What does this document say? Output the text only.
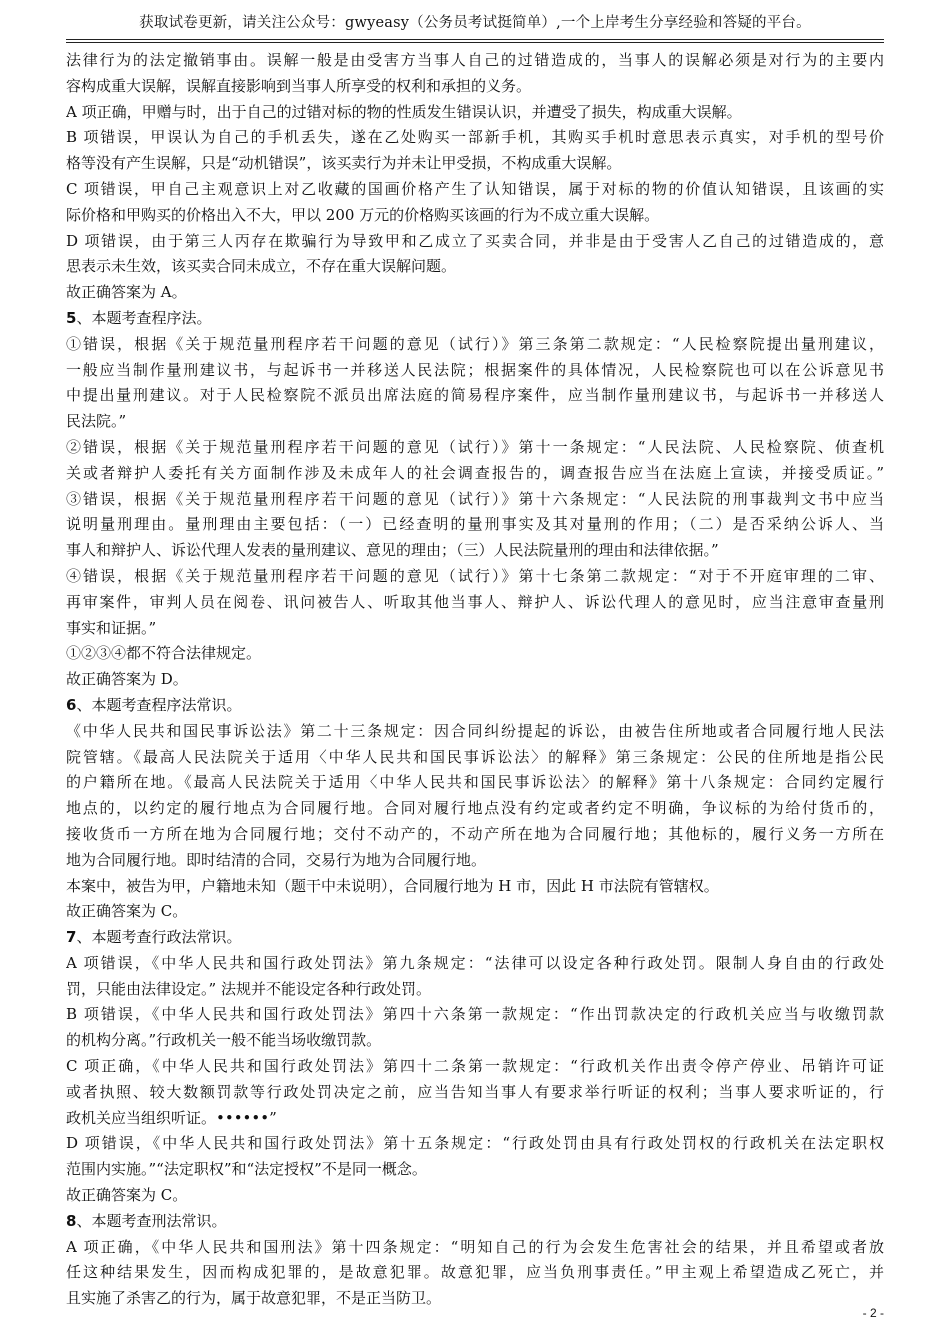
获取试卷更新，请关注公众号：gwyeasy（公务员考试挺简单）,一个上岸考生分享经验和答疑的平台。
法律行为的法定撤销事由。误解一般是由受害方当事人自己的过错造成的，当事人的误解必须是对行为的主要内
容构成重大误解，误解直接影响到当事人所享受的权利和承担的义务。
A 项正确，甲赠与时，出于自己的过错对标的物的性质发生错误认识，并遭受了损失，构成重大误解。
B 项错误，甲误认为自己的手机丢失，遂在乙处购买一部新手机，其购买手机时意思表示真实，对手机的型号价
格等没有产生误解，只是“动机错误”，该买卖行为并未让甲受损，不构成重大误解。
C 项错误，甲自己主观意识上对乙收藏的国画价格产生了认知错误，属于对标的物的价值认知错误，且该画的实
际价格和甲购买的价格出入不大，甲以 200 万元的价格购买该画的行为不成立重大误解。
D 项错误，由于第三人丙存在欺骗行为导致甲和乙成立了买卖合同，并非是由于受害人乙自己的过错造成的，意
思表示未生效，该买卖合同未成立，不存在重大误解问题。
故正确答案为 A。
5、本题考查程序法。
①错误，根据《关于规范量刑程序若干问题的意见（试行）》第三条第二款规定：“人民检察院提出量刑建议，
一般应当制作量刑建议书，与起诉书一并移送人民法院；根据案件的具体情况，人民检察院也可以在公诉意见书
中提出量刑建议。对于人民检察院不派员出席法庭的简易程序案件，应当制作量刑建议书，与起诉书一并移送人
民法院。”
②错误，根据《关于规范量刑程序若干问题的意见（试行）》第十一条规定：“人民法院、人民检察院、侦查机
关或者辩护人委托有关方面制作涉及未成年人的社会调查报告的，调查报告应当在法庭上宣读，并接受质证。”
③错误，根据《关于规范量刑程序若干问题的意见（试行）》第十六条规定：“人民法院的刑事裁判文书中应当
说明量刑理由。量刑理由主要包括：（一）已经查明的量刑事实及其对量刑的作用；（二）是否采纳公诉人、当
事人和辩护人、诉讼代理人发表的量刑建议、意见的理由；（三）人民法院量刑的理由和法律依据。”
④错误，根据《关于规范量刑程序若干问题的意见（试行）》第十七条第二款规定：“对于不开庭审理的二审、
再审案件，审判人员在阅卷、讯问被告人、听取其他当事人、辩护人、诉讼代理人的意见时，应当注意审查量刑
事实和证据。”
①②③④都不符合法律规定。
故正确答案为 D。
6、本题考查程序法常识。
《中华人民共和国民事诉讼法》第二十三条规定：因合同纠纷提起的诉讼，由被告住所地或者合同履行地人民法
院管辖。《最高人民法院关于适用〈中华人民共和国民事诉讼法〉的解释》第三条规定：公民的住所地是指公民
的户籍所在地。《最高人民法院关于适用〈中华人民共和国民事诉讼法〉的解释》第十八条规定：合同约定履行
地点的，以约定的履行地点为合同履行地。合同对履行地点没有约定或者约定不明确，争议标的为给付货币的，
接收货币一方所在地为合同履行地；交付不动产的，不动产所在地为合同履行地；其他标的，履行义务一方所在
地为合同履行地。即时结清的合同，交易行为地为合同履行地。
本案中，被告为甲，户籍地未知（题干中未说明），合同履行地为 H 市，因此 H 市法院有管辖权。
故正确答案为 C。
7、本题考查行政法常识。
A 项错误，《中华人民共和国行政处罚法》第九条规定：“法律可以设定各种行政处罚。限制人身自由的行政处
罚，只能由法律设定。” 法规并不能设定各种行政处罚。
B 项错误，《中华人民共和国行政处罚法》第四十六条第一款规定：“作出罚款决定的行政机关应当与收缴罚款
的机构分离。”行政机关一般不能当场收缴罚款。
C 项正确，《中华人民共和国行政处罚法》第四十二条第一款规定：“行政机关作出责令停产停业、吊销许可证
或者执照、较大数额罚款等行政处罚决定之前，应当告知当事人有要求举行听证的权利；当事人要求听证的，行
政机关应当组织听证。••••••”
D 项错误，《中华人民共和国行政处罚法》第十五条规定：“行政处罚由具有行政处罚权的行政机关在法定职权
范围内实施。”“法定职权”和“法定授权”不是同一概念。
故正确答案为 C。
8、本题考查刑法常识。
A 项正确，《中华人民共和国刑法》第十四条规定：“明知自己的行为会发生危害社会的结果，并且希望或者放
任这种结果发生，因而构成犯罪的，是故意犯罪。故意犯罪，应当负刑事责任。”甲主观上希望造成乙死亡，并
且实施了杀害乙的行为，属于故意犯罪，不是正当防卫。
- 2 -
